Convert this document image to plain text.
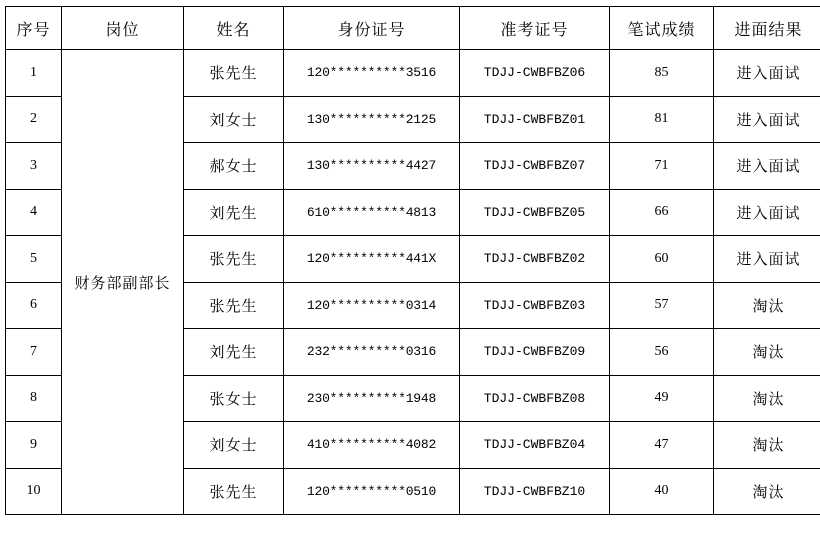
序号	岗位	姓名	身份证号	准考证号	笔试成绩	进面结果
1	财务部副部长	张先生	120**********3516	TDJJ-CWBFBZ06	85	进入面试
2		刘女士	130**********2125	TDJJ-CWBFBZ01	81	进入面试
3		郝女士	130**********4427	TDJJ-CWBFBZ07	71	进入面试
4		刘先生	610**********4813	TDJJ-CWBFBZ05	66	进入面试
5		张先生	120**********441X	TDJJ-CWBFBZ02	60	进入面试
6		张先生	120**********0314	TDJJ-CWBFBZ03	57	淘汰
7		刘先生	232**********0316	TDJJ-CWBFBZ09	56	淘汰
8		张女士	230**********1948	TDJJ-CWBFBZ08	49	淘汰
9		刘女士	410**********4082	TDJJ-CWBFBZ04	47	淘汰
10		张先生	120**********0510	TDJJ-CWBFBZ10	40	淘汰
